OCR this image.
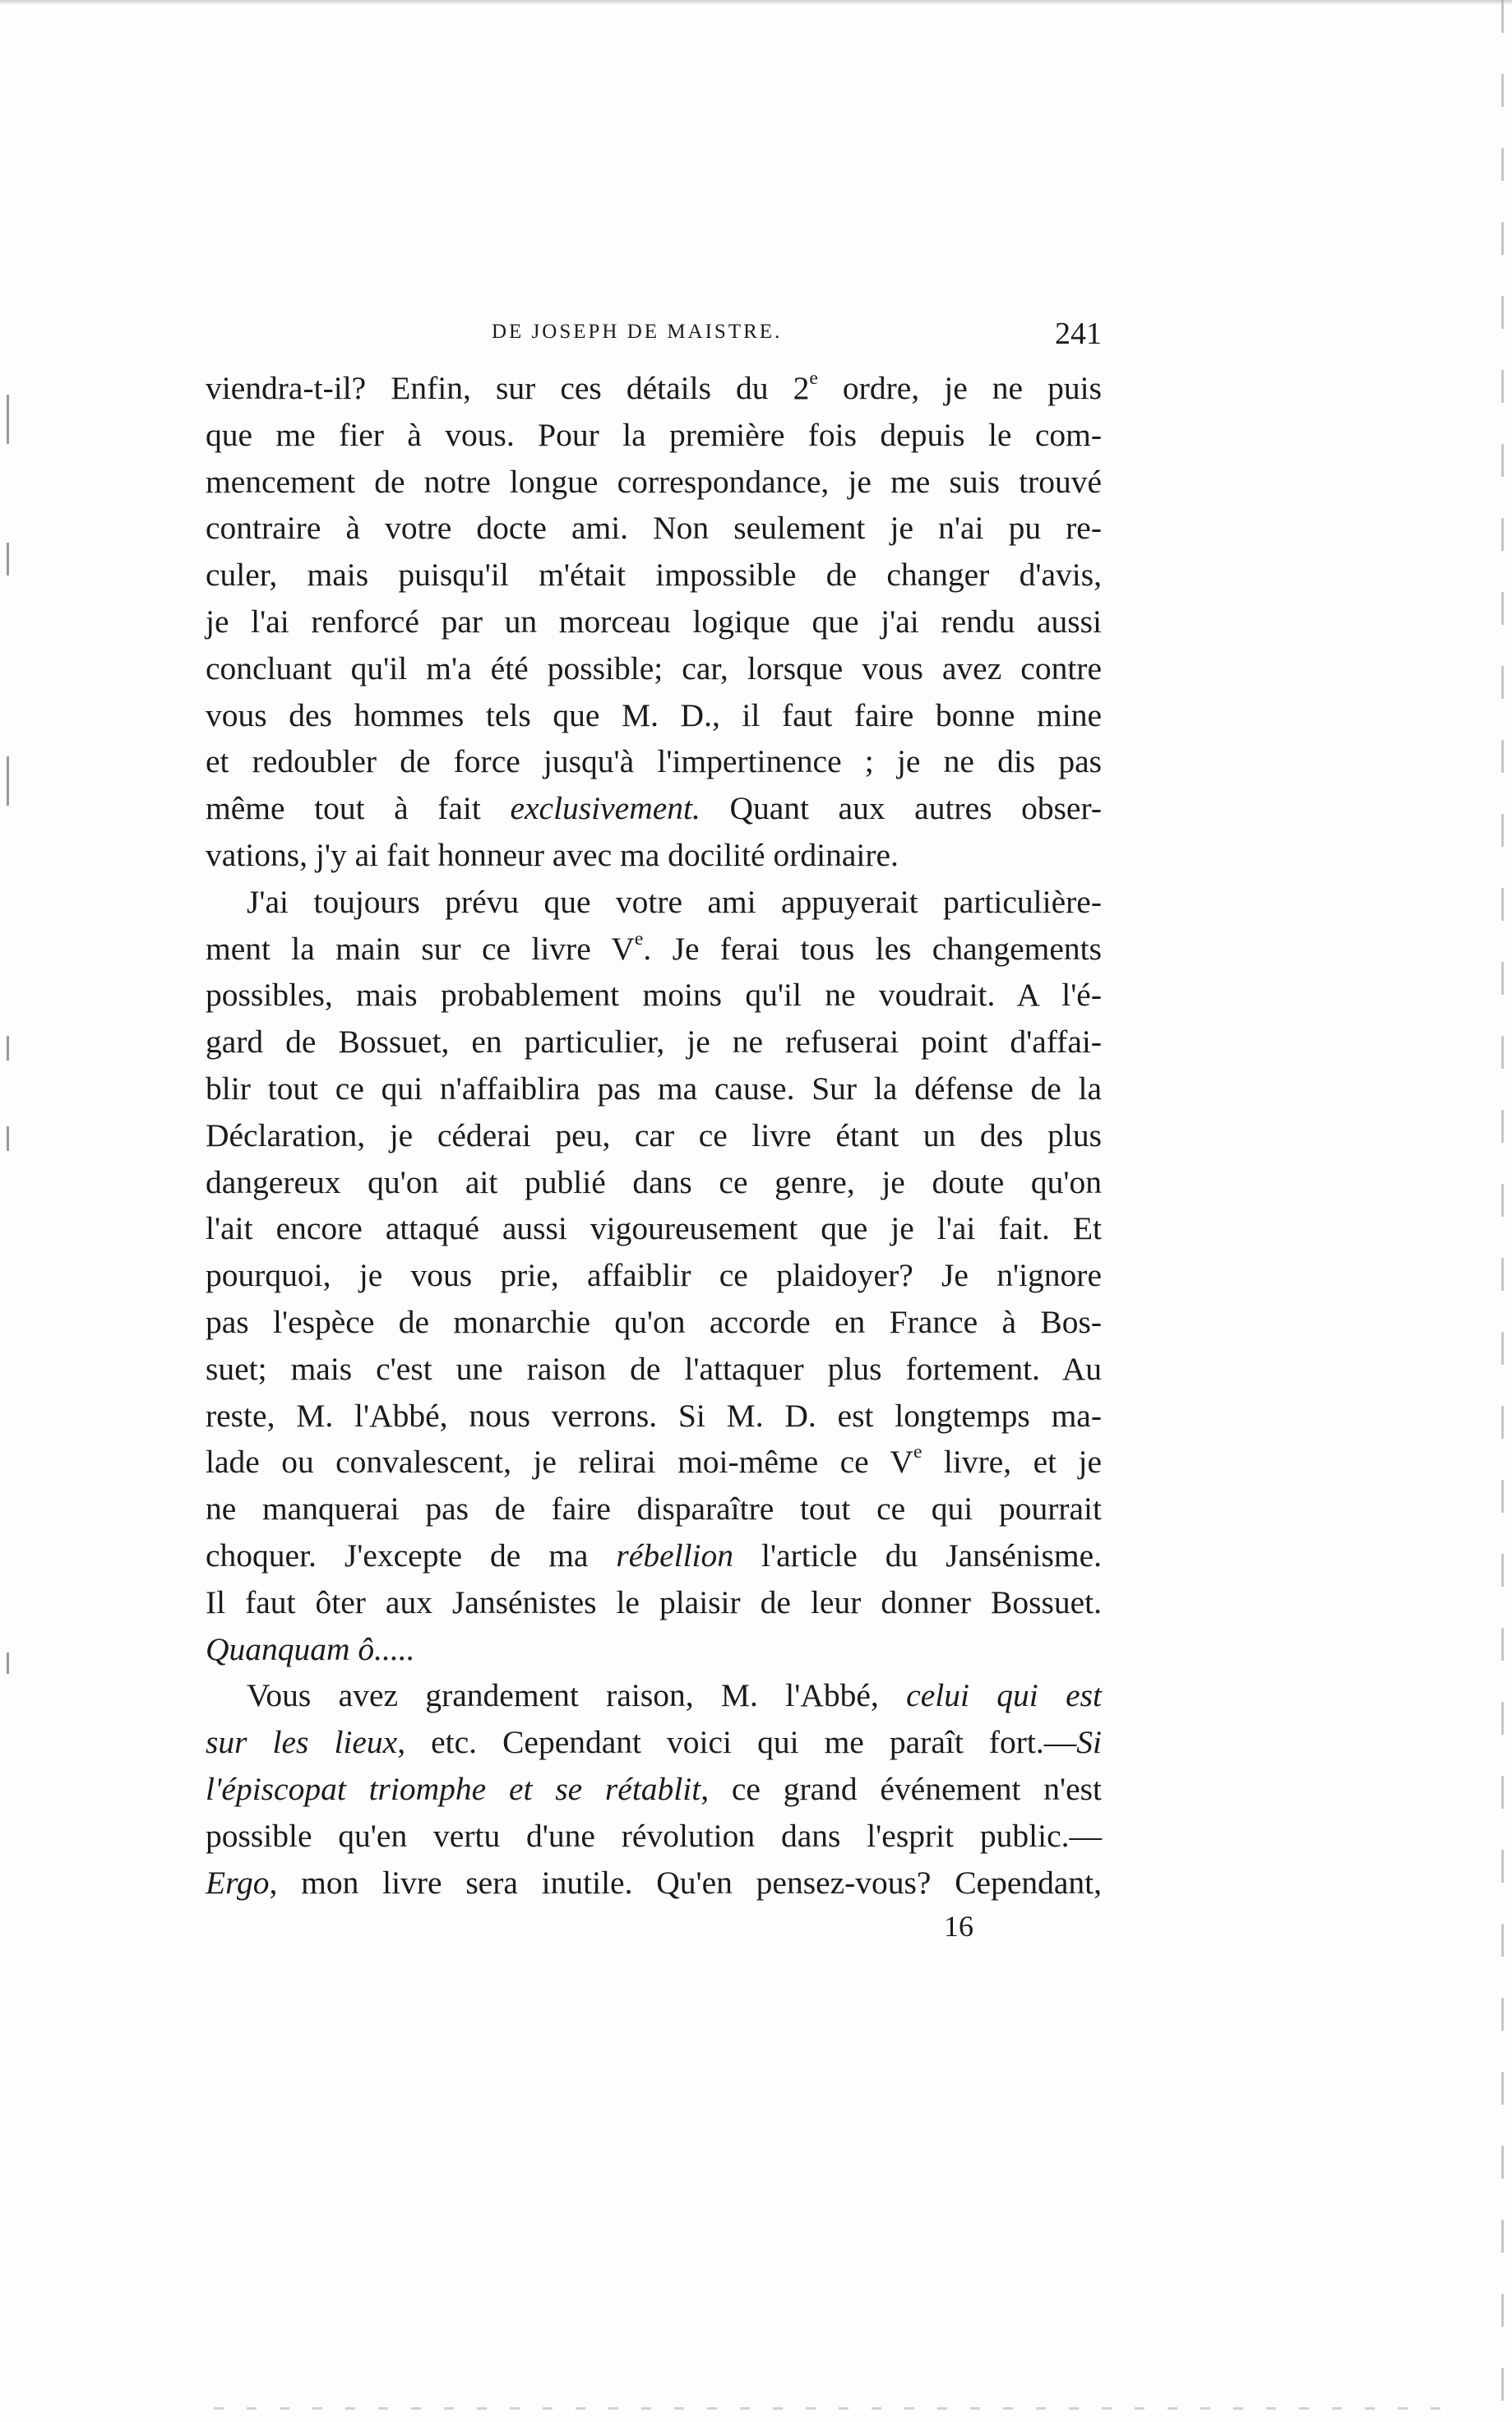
DE JOSEPH DE MAISTRE.	241
viendra-t-il? Enfin, sur ces détails du 2e ordre, je ne puis
que me fier à vous. Pour la première fois depuis le com-
mencement de notre longue correspondance, je me suis trouvé
contraire à votre docte ami. Non seulement je n'ai pu re-
culer, mais puisqu'il m'était impossible de changer d'avis,
je l'ai renforcé par un morceau logique que j'ai rendu aussi
concluant qu'il m'a été possible; car, lorsque vous avez contre
vous des hommes tels que M. D., il faut faire bonne mine
et redoubler de force jusqu'à l'impertinence ; je ne dis pas
même tout à fait exclusivement. Quant aux autres obser-
vations, j'y ai fait honneur avec ma docilité ordinaire.
J'ai toujours prévu que votre ami appuyerait particulière-
ment la main sur ce livre Ve. Je ferai tous les changements
possibles, mais probablement moins qu'il ne voudrait. A l'é-
gard de Bossuet, en particulier, je ne refuserai point d'affai-
blir tout ce qui n'affaiblira pas ma cause. Sur la défense de la
Déclaration, je céderai peu, car ce livre étant un des plus
dangereux qu'on ait publié dans ce genre, je doute qu'on
l'ait encore attaqué aussi vigoureusement que je l'ai fait. Et
pourquoi, je vous prie, affaiblir ce plaidoyer? Je n'ignore
pas l'espèce de monarchie qu'on accorde en France à Bos-
suet; mais c'est une raison de l'attaquer plus fortement. Au
reste, M. l'Abbé, nous verrons. Si M. D. est longtemps ma-
lade ou convalescent, je relirai moi-même ce Ve livre, et je
ne manquerai pas de faire disparaître tout ce qui pourrait
choquer. J'excepte de ma rébellion l'article du Jansénisme.
Il faut ôter aux Jansénistes le plaisir de leur donner Bossuet.
Quanquam ô.....
Vous avez grandement raison, M. l'Abbé, celui qui est
sur les lieux, etc. Cependant voici qui me paraît fort.—Si
l'épiscopat triomphe et se rétablit, ce grand événement n'est
possible qu'en vertu d'une révolution dans l'esprit public.—
Ergo, mon livre sera inutile. Qu'en pensez-vous? Cependant,
16
